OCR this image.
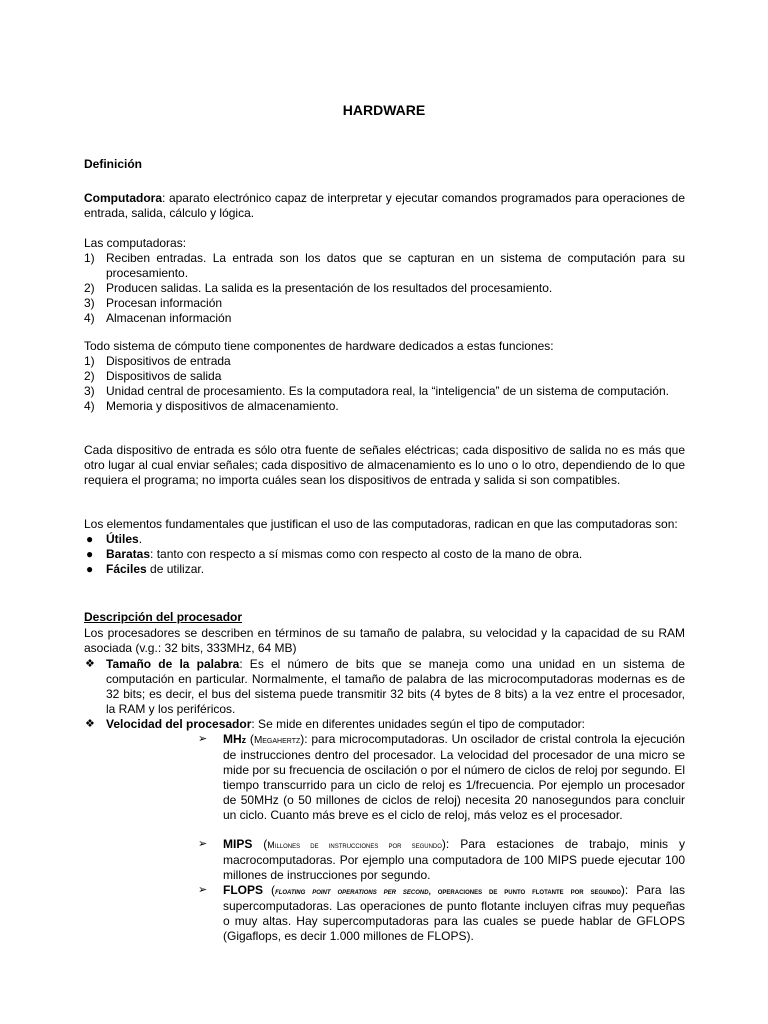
HARDWARE
Definición
Computadora: aparato electrónico capaz de interpretar y ejecutar comandos programados para operaciones de entrada, salida, cálculo y lógica.
Las computadoras:
1) Reciben entradas. La entrada son los datos que se capturan en un sistema de computación para su procesamiento.
2) Producen salidas. La salida es la presentación de los resultados del procesamiento.
3) Procesan información
4) Almacenan información
Todo sistema de cómputo tiene componentes de hardware dedicados a estas funciones:
1) Dispositivos de entrada
2) Dispositivos de salida
3) Unidad central de procesamiento. Es la computadora real, la “inteligencia” de un sistema de computación.
4) Memoria y dispositivos de almacenamiento.
Cada dispositivo de entrada es sólo otra fuente de señales eléctricas; cada dispositivo de salida no es más que otro lugar al cual enviar señales; cada dispositivo de almacenamiento es lo uno o lo otro, dependiendo de lo que requiera el programa; no importa cuáles sean los dispositivos de entrada y salida si son compatibles.
Los elementos fundamentales que justifican el uso de las computadoras, radican en que las computadoras son:
● Útiles.
● Baratas: tanto con respecto a sí mismas como con respecto al costo de la mano de obra.
● Fáciles de utilizar.
Descripción del procesador
Los procesadores se describen en términos de su tamaño de palabra, su velocidad y la capacidad de su RAM asociada (v.g.: 32 bits, 333MHz, 64 MB)
❖ Tamaño de la palabra: Es el número de bits que se maneja como una unidad en un sistema de computación en particular. Normalmente, el tamaño de palabra de las microcomputadoras modernas es de 32 bits; es decir, el bus del sistema puede transmitir 32 bits (4 bytes de 8 bits) a la vez entre el procesador, la RAM y los periféricos.
❖ Velocidad del procesador: Se mide en diferentes unidades según el tipo de computador:
➢ MHz (Megahertz): para microcomputadoras. Un oscilador de cristal controla la ejecución de instrucciones dentro del procesador. La velocidad del procesador de una micro se mide por su frecuencia de oscilación o por el número de ciclos de reloj por segundo. El tiempo transcurrido para un ciclo de reloj es 1/frecuencia. Por ejemplo un procesador de 50MHz (o 50 millones de ciclos de reloj) necesita 20 nanosegundos para concluir un ciclo. Cuanto más breve es el ciclo de reloj, más veloz es el procesador.
➢ MIPS (Millones de instrucciones por segundo): Para estaciones de trabajo, minis y macrocomputadoras. Por ejemplo una computadora de 100 MIPS puede ejecutar 100 millones de instrucciones por segundo.
➢ FLOPS (floating point operations per second, operaciones de punto flotante por segundo): Para las supercomputadoras. Las operaciones de punto flotante incluyen cifras muy pequeñas o muy altas. Hay supercomputadoras para las cuales se puede hablar de GFLOPS (Gigaflops, es decir 1.000 millones de FLOPS).
